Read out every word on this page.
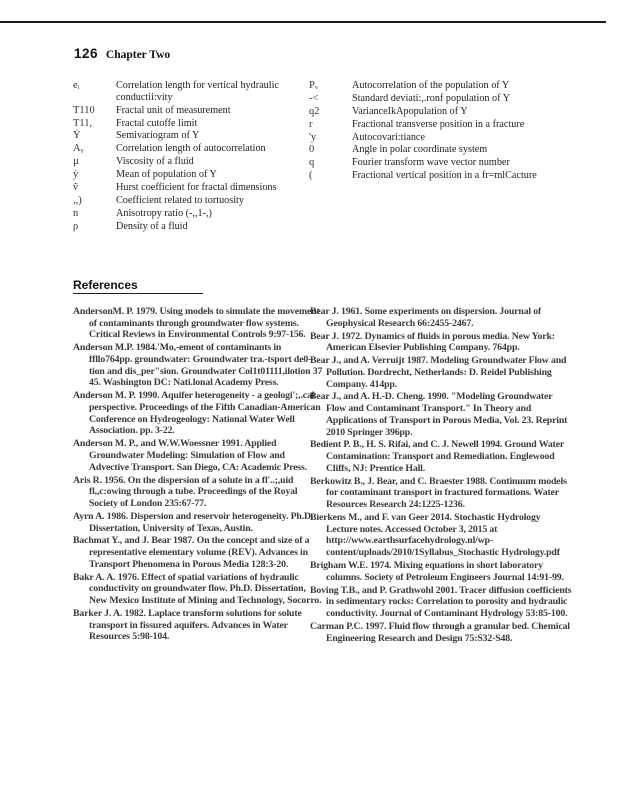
126 Chapter Two
eᵢ	Correlation length for vertical hydraulic conductii:vity
T110	Fractal unit of measurement
T11,	Fractal cutoffe limit
Ẏ	Semivariogram of Y
Aᵧ	Correlation length of autocorrelation
µ	Viscosity of a fluid
ẏ	Mean of population of Y
ṽ	Hurst coefficient for fractal dimensions
,,)	Coefficient related to tortuosity
n	Anisotropy ratio (-,,1-,)
ρ	Density of a fluid
Pᵥ	Autocorrelation of the population of Y
-<	Standard deviati:,.ronf population of Y
q2	VarianceIkApopulation of Y
r	Fractional transverse position in a fracture
'y	Autocovari:tiance
0	Angle in polar coordinate system
q	Fourier transform wave vector number
(	Fractional vertical position in a fr=mlCacture
References
AndersonM. P. 1979. Using models to simulate the movement of contaminants through groundwater flow systems. Critical Reviews in Environmental Controls 9:97-156.
Anderson M.P. 1984.'Mo,-ement of contaminants in ffllo764pp. groundwater: Groundwater tra.-tsport de0-tion and dis_per"sion. Groundwater Col1t01111,ilotion 37 45. Washington DC: Nati.lonal Academy Press.
Anderson M. P. 1990. Aquifer heterogeneity - a geologi';,.cal perspective. Proceedings of the Fifth Canadian-American Conference on Hydrogeology: National Water Well Association. pp. 3-22.
Anderson M. P., and W.W.Woessner 1991. Applied Groundwater Modeling: Simulation of Flow and Advective Transport. San Diego, CA: Academic Press.
Aris R. 1956. On the dispersion of a solute in a fl'..;,uid fl,,c:owing through a tube. Proceedings of the Royal Society of London 235:67-77.
Ayrn A. 1986. Dispersion and reservoir heterogeneity. Ph.D. Dissertation, University of Texas, Austin.
Bachmat Y., and J. Bear 1987. On the concept and size of a representative elementary volume (REV). Advances in Transport Phenomena in Porous Media 128:3-20.
Bakr A. A. 1976. Effect of spatial variations of hydraulic conductivity on groundwater flow. Ph.D. Dissertation, New Mexico Institute of Mining and Technology, Socorro.
Barker J. A. 1982. Laplace transform solutions for solute transport in fissured aquifers. Advances in Water Resources 5:98-104.
Bear J. 1961. Some experiments on dispersion. Journal of Geophysical Research 66:2455-2467.
Bear J. 1972. Dynamics of fluids in porous media. New York: American Elsevier Publishing Company. 764pp.
Bear J., and A. Verruijt 1987. Modeling Groundwater Flow and Pollution. Dordrecht, Netherlands: D. Reidel Publishing Company. 414pp.
Bear J., and A. H.-D. Cheng. 1990. "Modeling Groundwater Flow and Contaminant Transport." In Theory and Applications of Transport in Porous Media, Vol. 23. Reprint 2010 Springer 396pp.
Bedient P. B., H. S. Rifai, and C. J. Newell 1994. Ground Water Contamination: Transport and Remediation. Englewood Cliffs, NJ: Prentice Hall.
Berkowitz B., J. Bear, and C. Braester 1988. Continuum models for contaminant transport in fractured formations. Water Resources Research 24:1225-1236.
Bierkens M., and F. van Geer 2014. Stochastic Hydrology Lecture notes. Accessed October 3, 2015 at http://www.earthsurfacehydrology.nl/wp-content/uploads/2010/1Syllabus_Stochastic Hydrology.pdf
Brigham W.E. 1974. Mixing equations in short laboratory columns. Society of Petroleum Engineers Journal 14:91-99.
Boving T.B., and P. Grathwohl 2001. Tracer diffusion coefficients in sedimentary rocks: Correlation to porosity and hydraulic conductivity. Journal of Contaminant Hydrology 53:85-100.
Carman P.C. 1997. Fluid flow through a granular bed. Chemical Engineering Research and Design 75:S32-S48.
